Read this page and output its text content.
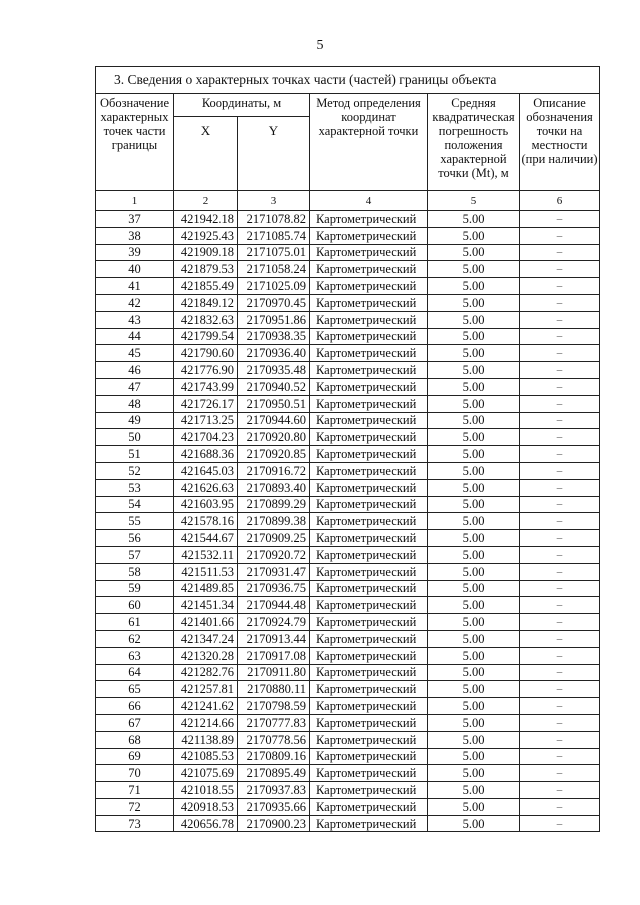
5
3. Сведения о характерных точках части (частей) границы объекта					
Обозначение характерных точек части границы	Координаты, м		Метод определения координат характерной точки	Средняя квадратическая погрешность положения характерной точки (Mt), м	Описание обозначения точки на местности (при наличии)
	X	Y			
1	2	3	4	5	6
37	421942.18	2171078.82	Картометрический	5.00	–
38	421925.43	2171085.74	Картометрический	5.00	–
39	421909.18	2171075.01	Картометрический	5.00	–
40	421879.53	2171058.24	Картометрический	5.00	–
41	421855.49	2171025.09	Картометрический	5.00	–
42	421849.12	2170970.45	Картометрический	5.00	–
43	421832.63	2170951.86	Картометрический	5.00	–
44	421799.54	2170938.35	Картометрический	5.00	–
45	421790.60	2170936.40	Картометрический	5.00	–
46	421776.90	2170935.48	Картометрический	5.00	–
47	421743.99	2170940.52	Картометрический	5.00	–
48	421726.17	2170950.51	Картометрический	5.00	–
49	421713.25	2170944.60	Картометрический	5.00	–
50	421704.23	2170920.80	Картометрический	5.00	–
51	421688.36	2170920.85	Картометрический	5.00	–
52	421645.03	2170916.72	Картометрический	5.00	–
53	421626.63	2170893.40	Картометрический	5.00	–
54	421603.95	2170899.29	Картометрический	5.00	–
55	421578.16	2170899.38	Картометрический	5.00	–
56	421544.67	2170909.25	Картометрический	5.00	–
57	421532.11	2170920.72	Картометрический	5.00	–
58	421511.53	2170931.47	Картометрический	5.00	–
59	421489.85	2170936.75	Картометрический	5.00	–
60	421451.34	2170944.48	Картометрический	5.00	–
61	421401.66	2170924.79	Картометрический	5.00	–
62	421347.24	2170913.44	Картометрический	5.00	–
63	421320.28	2170917.08	Картометрический	5.00	–
64	421282.76	2170911.80	Картометрический	5.00	–
65	421257.81	2170880.11	Картометрический	5.00	–
66	421241.62	2170798.59	Картометрический	5.00	–
67	421214.66	2170777.83	Картометрический	5.00	–
68	421138.89	2170778.56	Картометрический	5.00	–
69	421085.53	2170809.16	Картометрический	5.00	–
70	421075.69	2170895.49	Картометрический	5.00	–
71	421018.55	2170937.83	Картометрический	5.00	–
72	420918.53	2170935.66	Картометрический	5.00	–
73	420656.78	2170900.23	Картометрический	5.00	–
